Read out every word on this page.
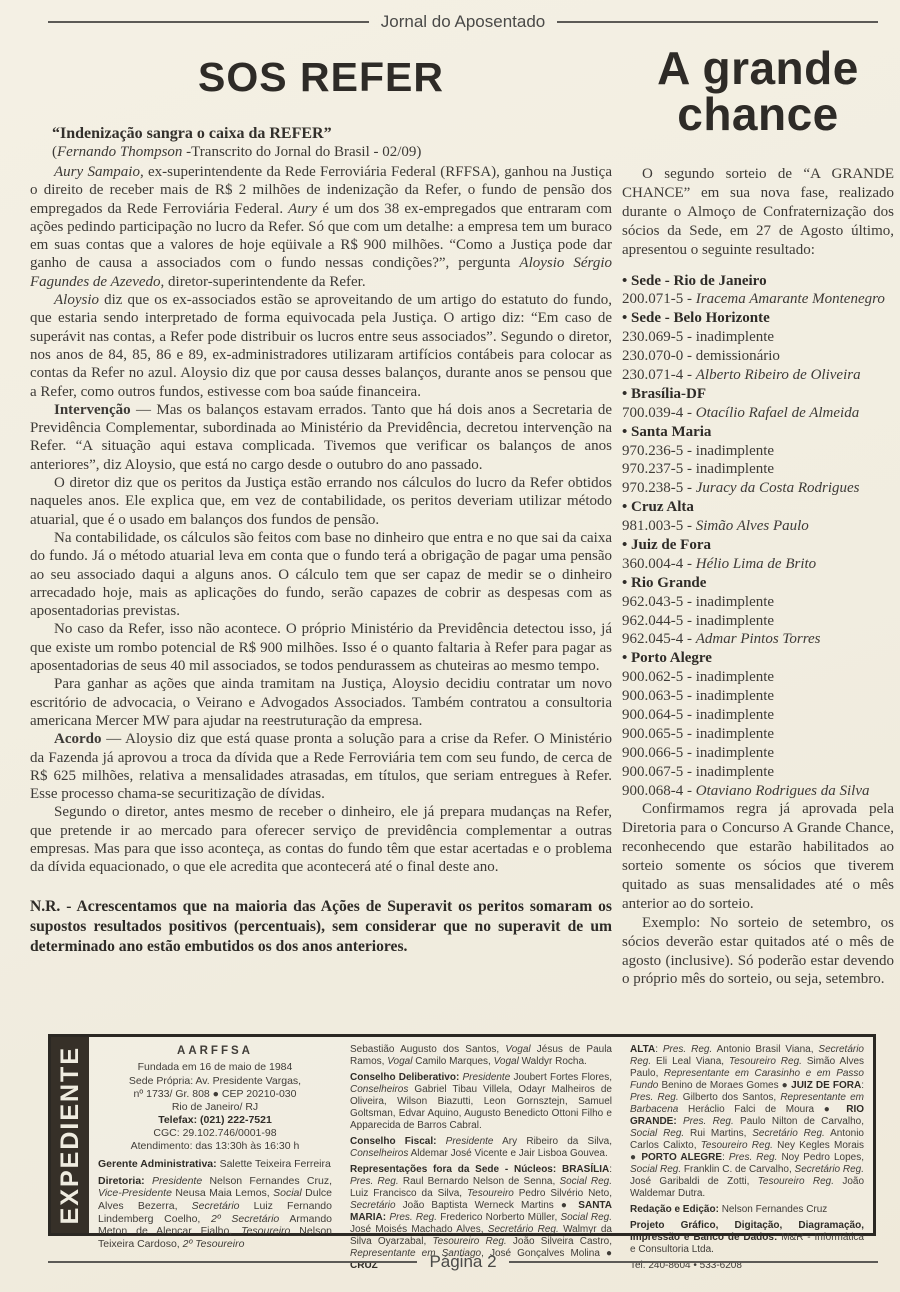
Jornal do Aposentado
SOS REFER

“Indenização sangra o caixa da REFER”

(Fernando Thompson -Transcrito do Jornal do Brasil - 02/09)

Aury Sampaio, ex-superintendente da Rede Ferroviária Federal (RFFSA), ganhou na Justiça o direito de receber mais de R$ 2 milhões de indenização da Refer, o fundo de pensão dos empregados da Rede Ferroviária Federal. Aury é um dos 38 ex-empregados que entraram com ações pedindo participação no lucro da Refer. Só que com um detalhe: a empresa tem um buraco em suas contas que a valores de hoje eqüivale a R$ 900 milhões. “Como a Justiça pode dar ganho de causa a associados com o fundo nessas condições?”, pergunta Aloysio Sérgio Fagundes de Azevedo, diretor-superintendente da Refer.

Aloysio diz que os ex-associados estão se aproveitando de um artigo do estatuto do fundo, que estaria sendo interpretado de forma equivocada pela Justiça. O artigo diz: “Em caso de superávit nas contas, a Refer pode distribuir os lucros entre seus associados”. Segundo o diretor, nos anos de 84, 85, 86 e 89, ex-administradores utilizaram artifícios contábeis para colocar as contas da Refer no azul. Aloysio diz que por causa desses balanços, durante anos se pensou que a Refer, como outros fundos, estivesse com boa saúde financeira.

Intervenção — Mas os balanços estavam errados. Tanto que há dois anos a Secretaria de Previdência Complementar, subordinada ao Ministério da Previdência, decretou intervenção na Refer. “A situação aqui estava complicada. Tivemos que verificar os balanços de anos anteriores”, diz Aloysio, que está no cargo desde o outubro do ano passado.

O diretor diz que os peritos da Justiça estão errando nos cálculos do lucro da Refer obtidos naqueles anos. Ele explica que, em vez de contabilidade, os peritos deveriam utilizar método atuarial, que é o usado em balanços dos fundos de pensão.

Na contabilidade, os cálculos são feitos com base no dinheiro que entra e no que sai da caixa do fundo. Já o método atuarial leva em conta que o fundo terá a obrigação de pagar uma pensão ao seu associado daqui a alguns anos. O cálculo tem que ser capaz de medir se o dinheiro arrecadado hoje, mais as aplicações do fundo, serão capazes de cobrir as despesas com as aposentadorias previstas.

No caso da Refer, isso não acontece. O próprio Ministério da Previdência detectou isso, já que existe um rombo potencial de R$ 900 milhões. Isso é o quanto faltaria à Refer para pagar as aposentadorias de seus 40 mil associados, se todos pendurassem as chuteiras ao mesmo tempo.

Para ganhar as ações que ainda tramitam na Justiça, Aloysio decidiu contratar um novo escritório de advocacia, o Veirano e Advogados Associados. Também contratou a consultoria americana Mercer MW para ajudar na reestruturação da empresa.

Acordo — Aloysio diz que está quase pronta a solução para a crise da Refer. O Ministério da Fazenda já aprovou a troca da dívida que a Rede Ferroviária tem com seu fundo, de cerca de R$ 625 milhões, relativa a mensalidades atrasadas, em títulos, que seriam entregues à Refer. Esse processo chama-se securitização de dívidas.

Segundo o diretor, antes mesmo de receber o dinheiro, ele já prepara mudanças na Refer, que pretende ir ao mercado para oferecer serviço de previdência complementar a outras empresas. Mas para que isso aconteça, as contas do fundo têm que estar acertadas e o problema da dívida equacionado, o que ele acredita que acontecerá até o final deste ano.

N.R. - Acrescentamos que na maioria das Ações de Superavit os peritos somaram os supostos resultados positivos (percentuais), sem considerar que no superavit de um determinado ano estão embutidos os dos anos anteriores.

A grande
chance

O segundo sorteio de “A GRANDE CHANCE” em sua nova fase, realizado durante o Almoço de Confraternização dos sócios da Sede, em 27 de Agosto último, apresentou o seguinte resultado:

• Sede - Rio de Janeiro

200.071-5 - Iracema Amarante Montenegro

• Sede - Belo Horizonte

230.069-5 - inadimplente

230.070-0 - demissionário

230.071-4 - Alberto Ribeiro de Oliveira

• Brasília-DF

700.039-4 - Otacílio Rafael de Almeida

• Santa Maria

970.236-5 - inadimplente

970.237-5 - inadimplente

970.238-5 - Juracy da Costa Rodrigues

• Cruz Alta

981.003-5 - Simão Alves Paulo

• Juiz de Fora

360.004-4 - Hélio Lima de Brito

• Rio Grande

962.043-5 - inadimplente

962.044-5 - inadimplente

962.045-4 - Admar Pintos Torres

• Porto Alegre

900.062-5 - inadimplente

900.063-5 - inadimplente

900.064-5 - inadimplente

900.065-5 - inadimplente

900.066-5 - inadimplente

900.067-5 - inadimplente

900.068-4 - Otaviano Rodrigues da Silva

Confirmamos regra já aprovada pela Diretoria para o Concurso A Grande Chance, reconhecendo que estarão habilitados ao sorteio somente os sócios que tiverem quitado as suas mensalidades até o mês anterior ao do sorteio.

Exemplo: No sorteio de setembro, os sócios deverão estar quitados até o mês de agosto (inclusive). Só poderão estar devendo o próprio mês do sorteio, ou seja, setembro.

EXPEDIENTE	AARFFSA
Fundada em 16 de maio de 1984
Sede Própria: Av. Presidente Vargas,
nº 1733/ Gr. 808 ● CEP 20210-030
Rio de Janeiro/ RJ
Telefax: (021) 222-7521
CGC: 29.102.746/0001-98
Atendimento: das 13:30h às 16:30 h

Gerente Administrativa: Salette Teixeira Ferreira

Diretoria: Presidente Nelson Fernandes Cruz, Vice-Presidente Neusa Maia Lemos, Social Dulce Alves Bezerra, Secretário Luiz Fernando Lindemberg Coelho, 2º Secretário Armando Meton de Alencar Fialho, Tesoureiro Nelson Teixeira Cardoso, 2º Tesoureiro

Sebastião Augusto dos Santos, Vogal Jésus de Paula Ramos, Vogal Camilo Marques, Vogal Waldyr Rocha.

Conselho Deliberativo: Presidente Joubert Fortes Flores, Conselheiros Gabriel Tibau Villela, Odayr Malheiros de Oliveira, Wilson Biazutti, Leon Gornsztejn, Samuel Goltsman, Edvar Aquino, Augusto Benedicto Ottoni Filho e Apparecida de Barros Cabral.

Conselho Fiscal: Presidente Ary Ribeiro da Silva, Conselheiros Aldemar José Vicente e Jair Lisboa Gouvea.

Representações fora da Sede - Núcleos: BRASÍLIA: Pres. Reg. Raul Bernardo Nelson de Senna, Social Reg. Luiz Francisco da Silva, Tesoureiro Pedro Silvério Neto, Secretário João Baptista Werneck Martins ● SANTA MARIA: Pres. Reg. Frederico Norberto Müller, Social Reg. José Moisés Machado Alves, Secretário Reg. Walmyr da Silva Oyarzabal, Tesoureiro Reg. João Silveira Castro, Representante em Santiago, José Gonçalves Molina ● CRUZ

ALTA: Pres. Reg. Antonio Brasil Viana, Secretário Reg. Eli Leal Viana, Tesoureiro Reg. Simão Alves Paulo, Representante em Carasinho e em Passo Fundo Benino de Moraes Gomes ● JUIZ DE FORA: Pres. Reg. Gilberto dos Santos, Representante em Barbacena Heráclio Falci de Moura ● RIO GRANDE: Pres. Reg. Paulo Nilton de Carvalho, Social Reg. Rui Martins, Secretário Reg. Antonio Carlos Calixto, Tesoureiro Reg. Ney Kegles Morais ● PORTO ALEGRE: Pres. Reg. Noy Pedro Lopes, Social Reg. Franklin C. de Carvalho, Secretário Reg. José Garibaldi de Zotti, Tesoureiro Reg. João Waldemar Dutra.

Redação e Edição: Nelson Fernandes Cruz

Projeto Gráfico, Digitação, Diagramação, Impressão e Banco de Dados: M&R - Informática e Consultoria Ltda.

Tel. 240-8604 • 533-6208

Página 2
